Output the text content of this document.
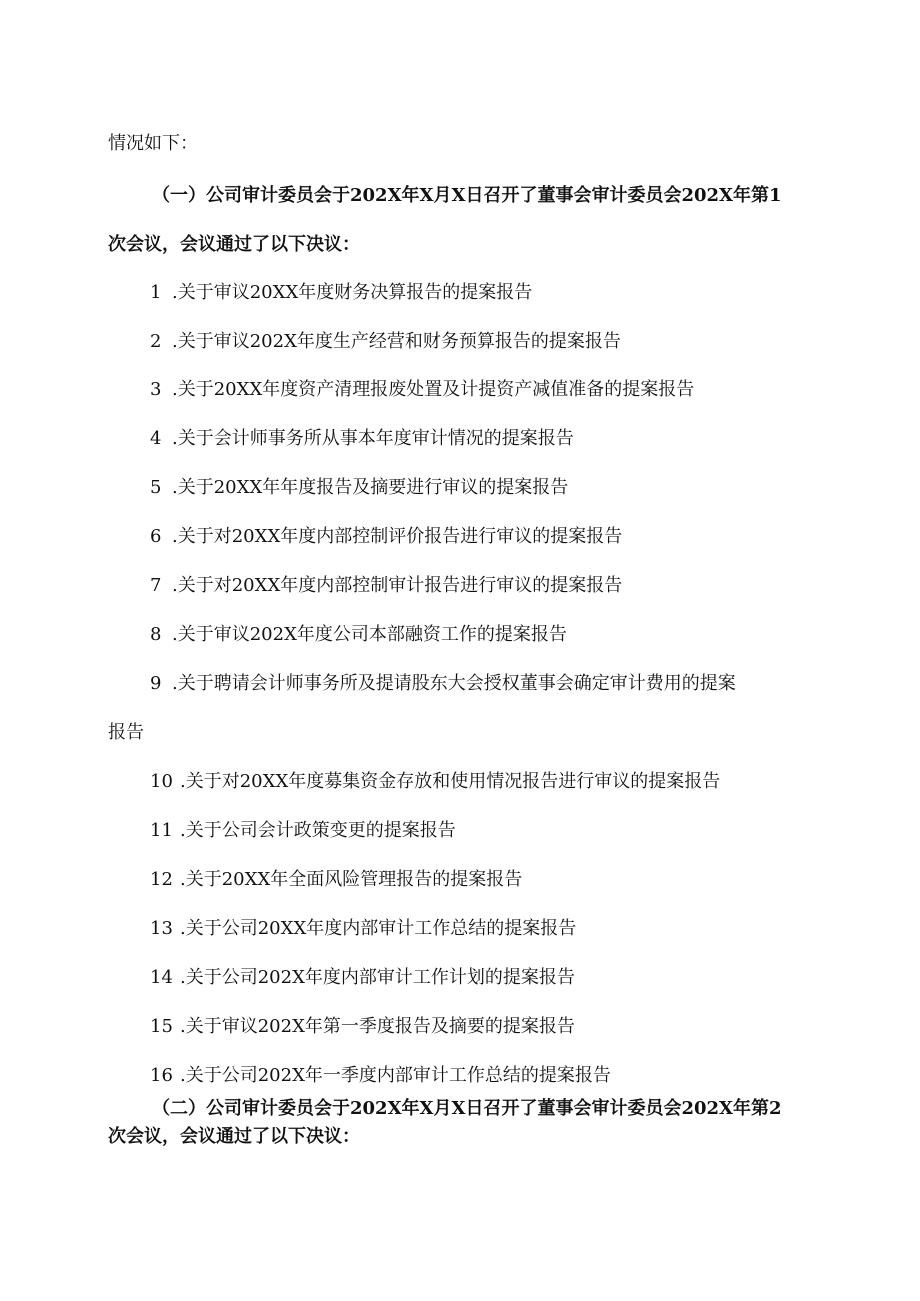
情况如下：
（一）公司审计委员会于202X年X月X日召开了董事会审计委员会202X年第1
次会议，会议通过了以下决议：
1 .关于审议20XX年度财务决算报告的提案报告
2 .关于审议202X年度生产经营和财务预算报告的提案报告
3 .关于20XX年度资产清理报废处置及计提资产减值准备的提案报告
4 .关于会计师事务所从事本年度审计情况的提案报告
5 .关于20XX年年度报告及摘要进行审议的提案报告
6 .关于对20XX年度内部控制评价报告进行审议的提案报告
7 .关于对20XX年度内部控制审计报告进行审议的提案报告
8 .关于审议202X年度公司本部融资工作的提案报告
9 .关于聘请会计师事务所及提请股东大会授权董事会确定审计费用的提案
报告
10 .关于对20XX年度募集资金存放和使用情况报告进行审议的提案报告
11 .关于公司会计政策变更的提案报告
12 .关于20XX年全面风险管理报告的提案报告
13 .关于公司20XX年度内部审计工作总结的提案报告
14 .关于公司202X年度内部审计工作计划的提案报告
15 .关于审议202X年第一季度报告及摘要的提案报告
16 .关于公司202X年一季度内部审计工作总结的提案报告
（二）公司审计委员会于202X年X月X日召开了董事会审计委员会202X年第2
次会议，会议通过了以下决议：
